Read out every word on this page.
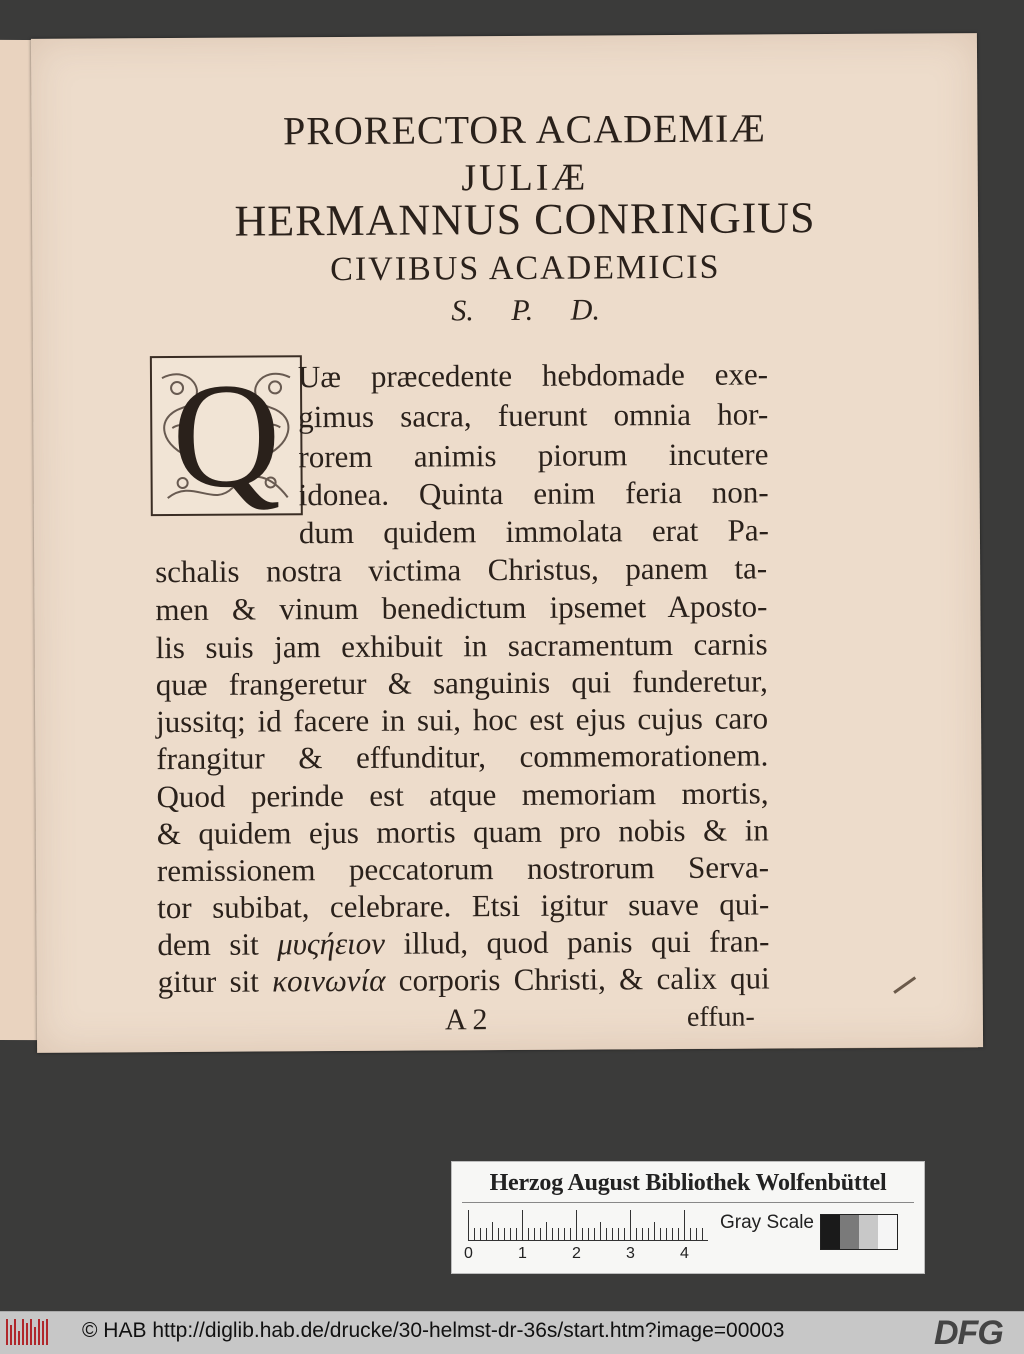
PRORECTOR ACADEMIÆ
JULIÆ
HERMANNUS CONRINGIUS
CIVIBUS ACADEMICIS
S. P. D.
Q Uæ præcedente hebdomade exe-
gimus sacra, fuerunt omnia hor-
rorem animis piorum incutere
idonea. Quinta enim feria non-
dum quidem immolata erat Pa-
schalis nostra victima Christus, panem ta-
men & vinum benedictum ipsemet Aposto-
lis suis jam exhibuit in sacramentum carnis
quæ frangeretur & sanguinis qui funderetur,
jussitq; id facere in sui, hoc est ejus cujus caro
frangitur & effunditur, commemorationem.
Quod perinde est atque memoriam mortis,
& quidem ejus mortis quam pro nobis & in
remissionem peccatorum nostrorum Serva-
tor subibat, celebrare. Etsi igitur suave qui-
dem sit μυςήειον illud, quod panis qui fran-
gitur sit κοινωνία corporis Christi, & calix qui
A 2	effun-
Herzog August Bibliothek Wolfenbüttel
0	1	2	3	4
Gray Scale
© HAB http://diglib.hab.de/drucke/30-helmst-dr-36s/start.htm?image=00003	DFG
